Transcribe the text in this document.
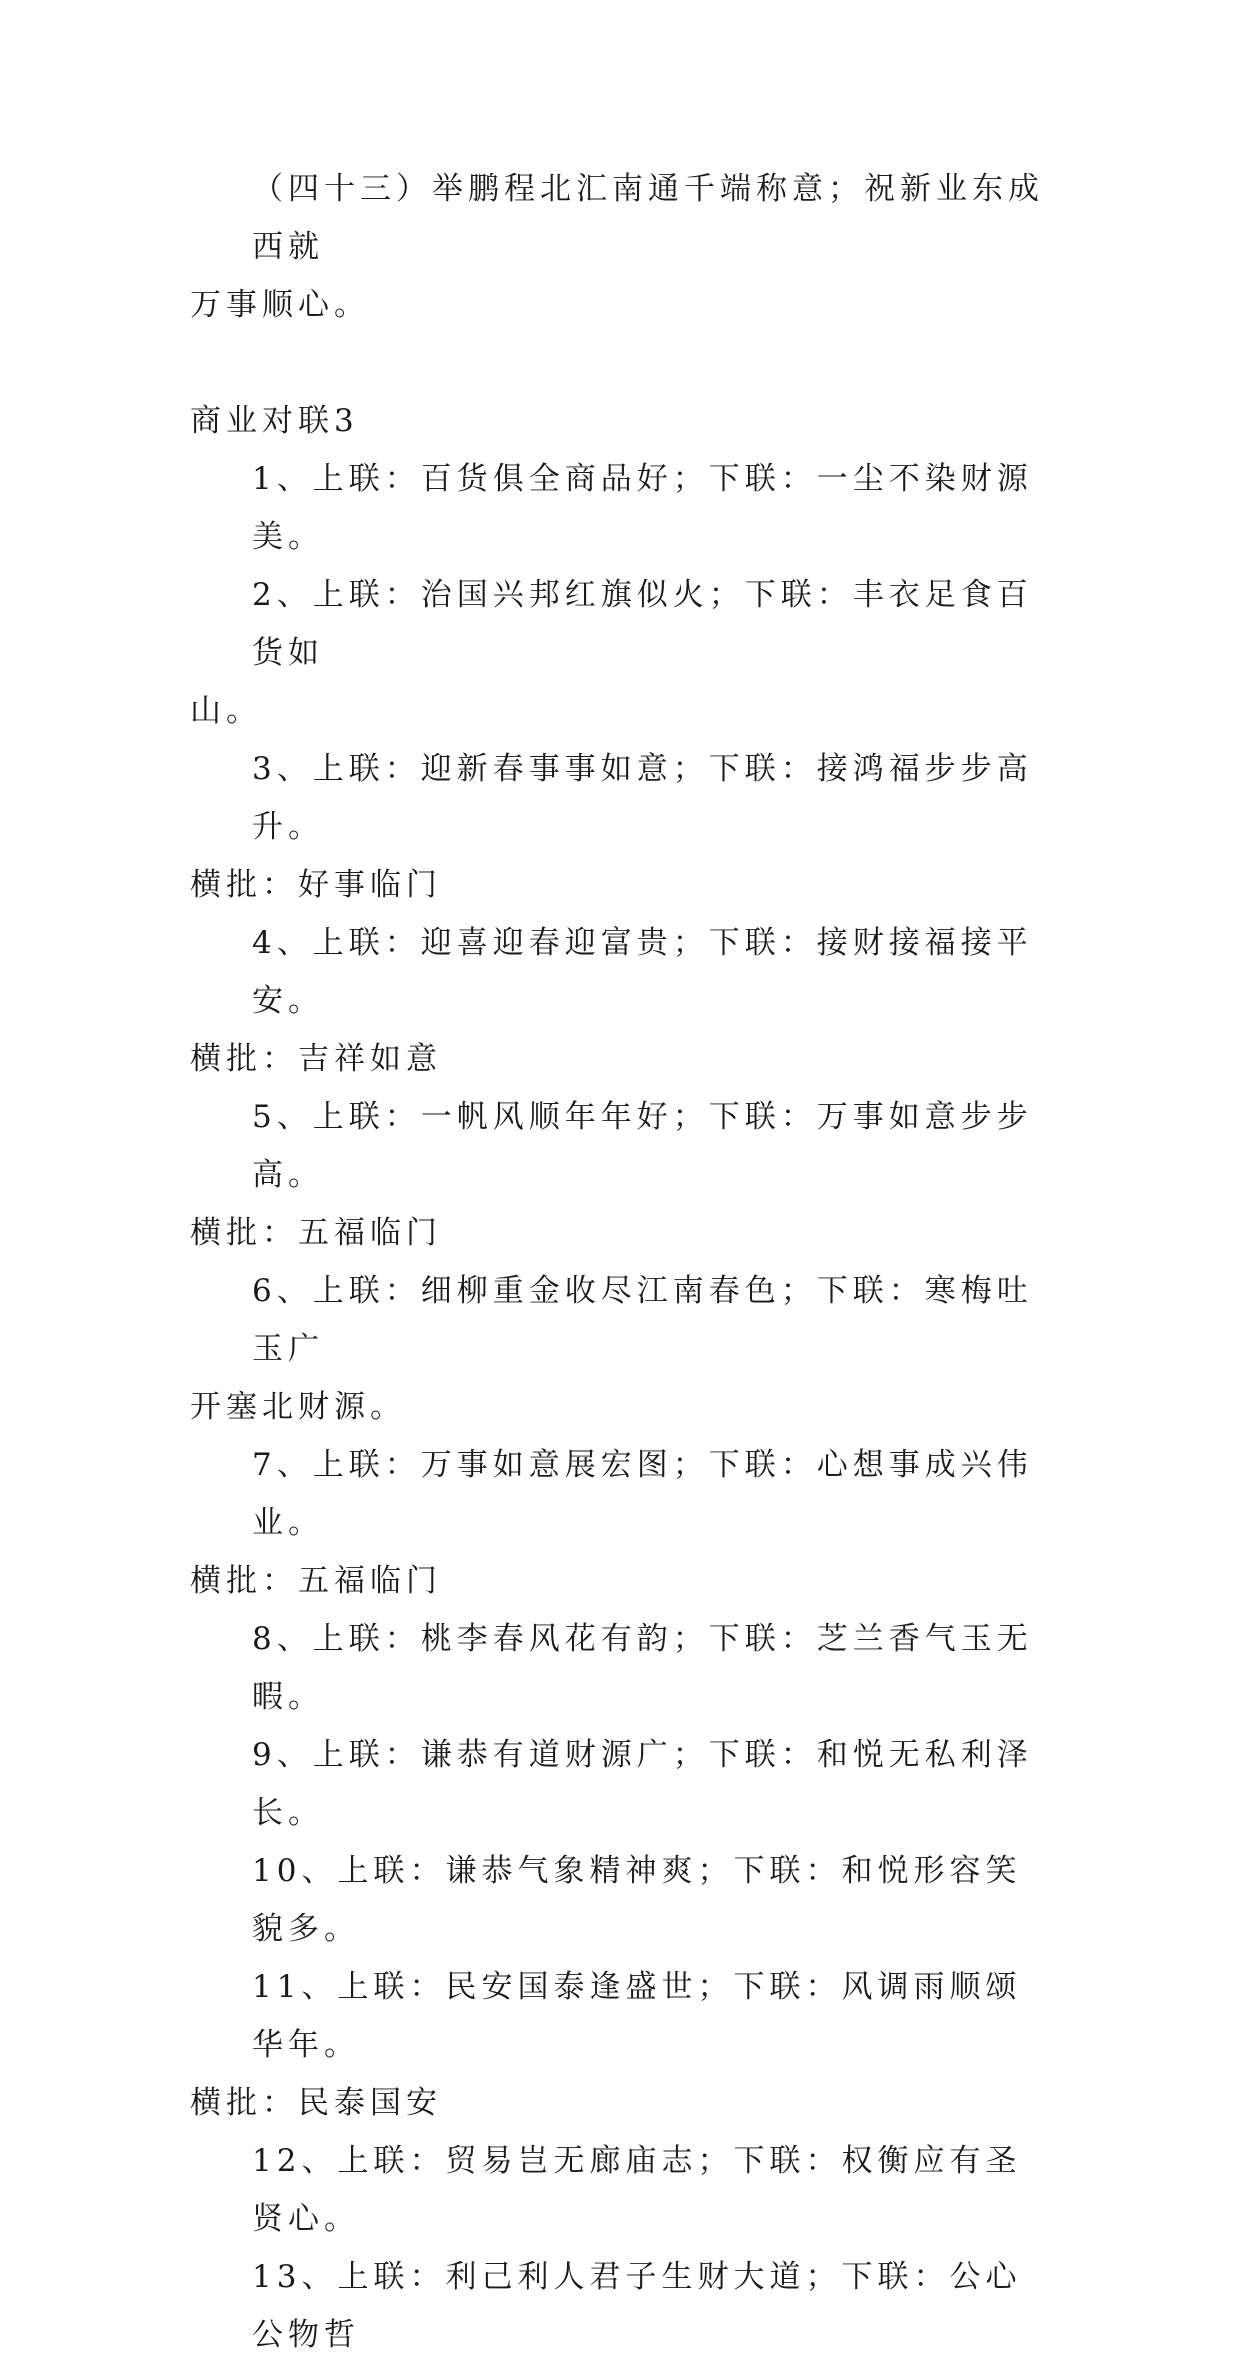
（四十三）举鹏程北汇南通千端称意；祝新业东成西就
万事顺心。
商业对联3
1、上联：百货俱全商品好；下联：一尘不染财源美。
2、上联：治国兴邦红旗似火；下联：丰衣足食百货如
山。
3、上联：迎新春事事如意；下联：接鸿福步步高升。
横批：好事临门
4、上联：迎喜迎春迎富贵；下联：接财接福接平安。
横批：吉祥如意
5、上联：一帆风顺年年好；下联：万事如意步步高。
横批：五福临门
6、上联：细柳重金收尽江南春色；下联：寒梅吐玉广
开塞北财源。
7、上联：万事如意展宏图；下联：心想事成兴伟业。
横批：五福临门
8、上联：桃李春风花有韵；下联：芝兰香气玉无暇。
9、上联：谦恭有道财源广；下联：和悦无私利泽长。
10、上联：谦恭气象精神爽；下联：和悦形容笑貌多。
11、上联：民安国泰逢盛世；下联：风调雨顺颂华年。
横批：民泰国安
12、上联：贸易岂无廊庙志；下联：权衡应有圣贤心。
13、上联：利己利人君子生财大道；下联：公心公物哲
